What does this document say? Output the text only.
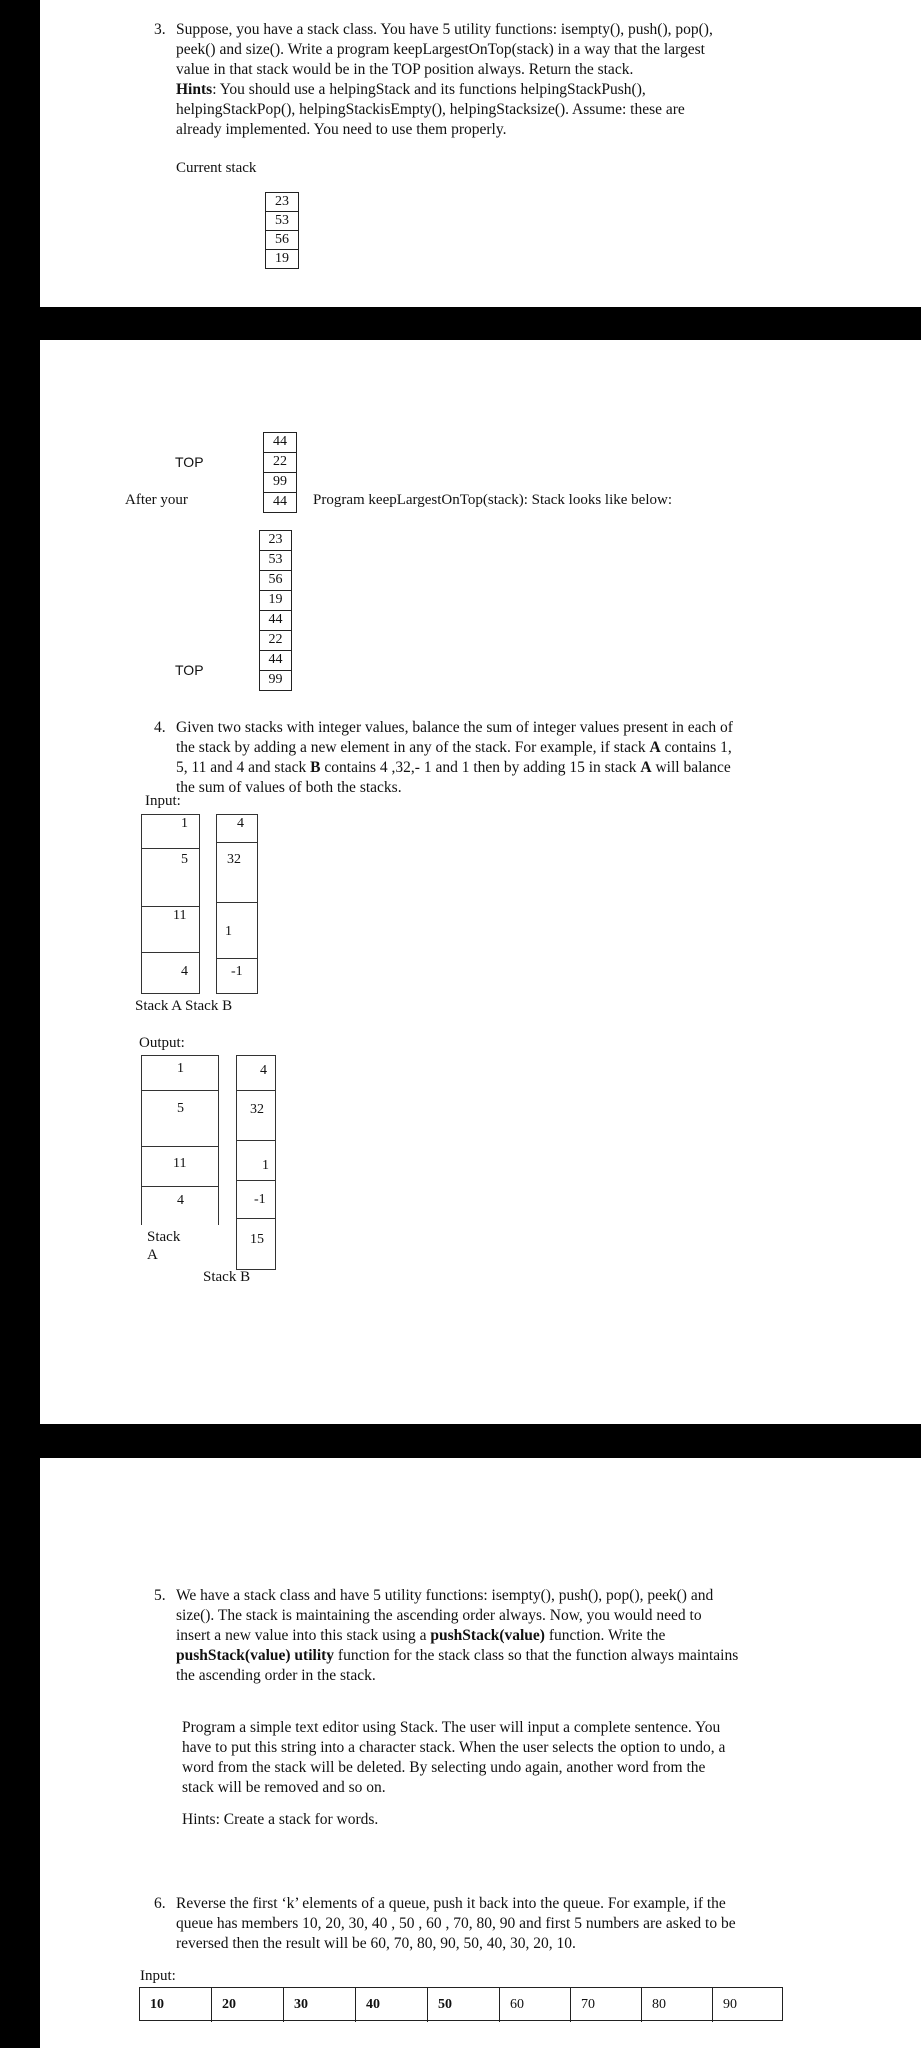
3. Suppose, you have a stack class. You have 5 utility functions: isempty(), push(), pop(),
peek() and size(). Write a program keepLargestOnTop(stack) in a way that the largest
value in that stack would be in the TOP position always. Return the stack.
Hints: You should use a helpingStack and its functions helpingStackPush(),
helpingStackPop(), helpingStackisEmpty(), helpingStacksize(). Assume: these are
already implemented. You need to use them properly.
Current stack
23
53
56
19
44
22
99
44
TOP
After your	Program keepLargestOnTop(stack): Stack looks like below:
23
53
56
19
44
22
44
99
TOP
4. Given two stacks with integer values, balance the sum of integer values present in each of
the stack by adding a new element in any of the stack. For example, if stack A contains 1,
5, 11 and 4 and stack B contains 4 ,32,- 1 and 1 then by adding 15 in stack A will balance
the sum of values of both the stacks.
Input:
1
5
11
4
4
32
1
-1
Stack A Stack B
Output:
1
5
11
4
Stack
A
4
32
1
-1
15
Stack B
5. We have a stack class and have 5 utility functions: isempty(), push(), pop(), peek() and
size(). The stack is maintaining the ascending order always. Now, you would need to
insert a new value into this stack using a pushStack(value) function. Write the
pushStack(value) utility function for the stack class so that the function always maintains
the ascending order in the stack.
Program a simple text editor using Stack. The user will input a complete sentence. You
have to put this string into a character stack. When the user selects the option to undo, a
word from the stack will be deleted. By selecting undo again, another word from the
stack will be removed and so on.
Hints: Create a stack for words.
6. Reverse the first ‘k’ elements of a queue, push it back into the queue. For example, if the
queue has members 10, 20, 30, 40 , 50 , 60 , 70, 80, 90 and first 5 numbers are asked to be
reversed then the result will be 60, 70, 80, 90, 50, 40, 30, 20, 10.
Input:
10	20	30	40	50	60	70	80	90
